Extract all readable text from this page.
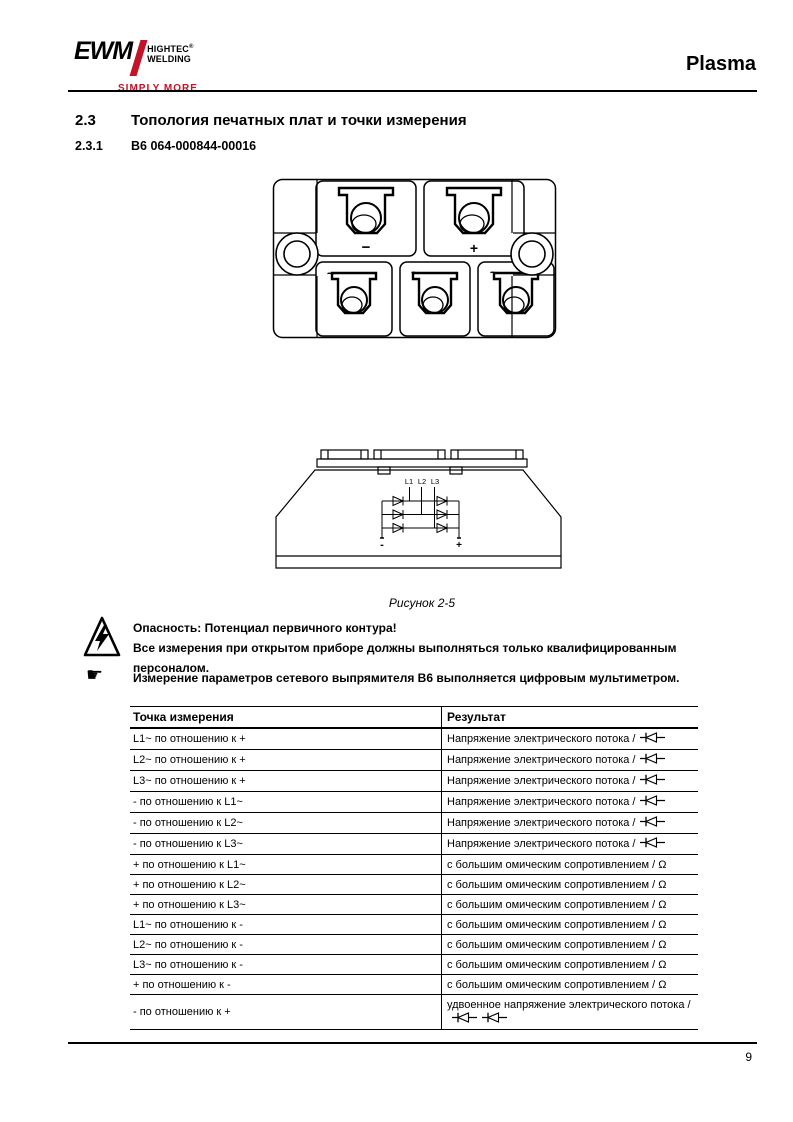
EWM HIGHTEC®
WELDING
SIMPLY MORE
Plasma
2.3	Топология печатных плат и точки измерения
2.3.1	B6 064-000844-00016
−	+
~	~	~
L1 L2 L3
-	+
Рисунок 2-5
Опасность: Потенциал первичного контура!
Все измерения при открытом приборе должны выполняться только квалифицированным персоналом.
☛ Измерение параметров сетевого выпрямителя B6 выполняется цифровым мультиметром.
Точка измерения	Результат
L1~ по отношению к +	Напряжение электрического потока /
L2~ по отношению к +	Напряжение электрического потока /
L3~ по отношению к +	Напряжение электрического потока /
- по отношению к L1~	Напряжение электрического потока /
- по отношению к L2~	Напряжение электрического потока /
- по отношению к L3~	Напряжение электрического потока /
+ по отношению к L1~	с большим омическим сопротивлением / Ω
+ по отношению к L2~	с большим омическим сопротивлением / Ω
+ по отношению к L3~	с большим омическим сопротивлением / Ω
L1~ по отношению к -	с большим омическим сопротивлением / Ω
L2~ по отношению к -	с большим омическим сопротивлением / Ω
L3~ по отношению к -	с большим омическим сопротивлением / Ω
+ по отношению к -	с большим омическим сопротивлением / Ω
- по отношению к +	удвоенное напряжение электрического потока /
9
